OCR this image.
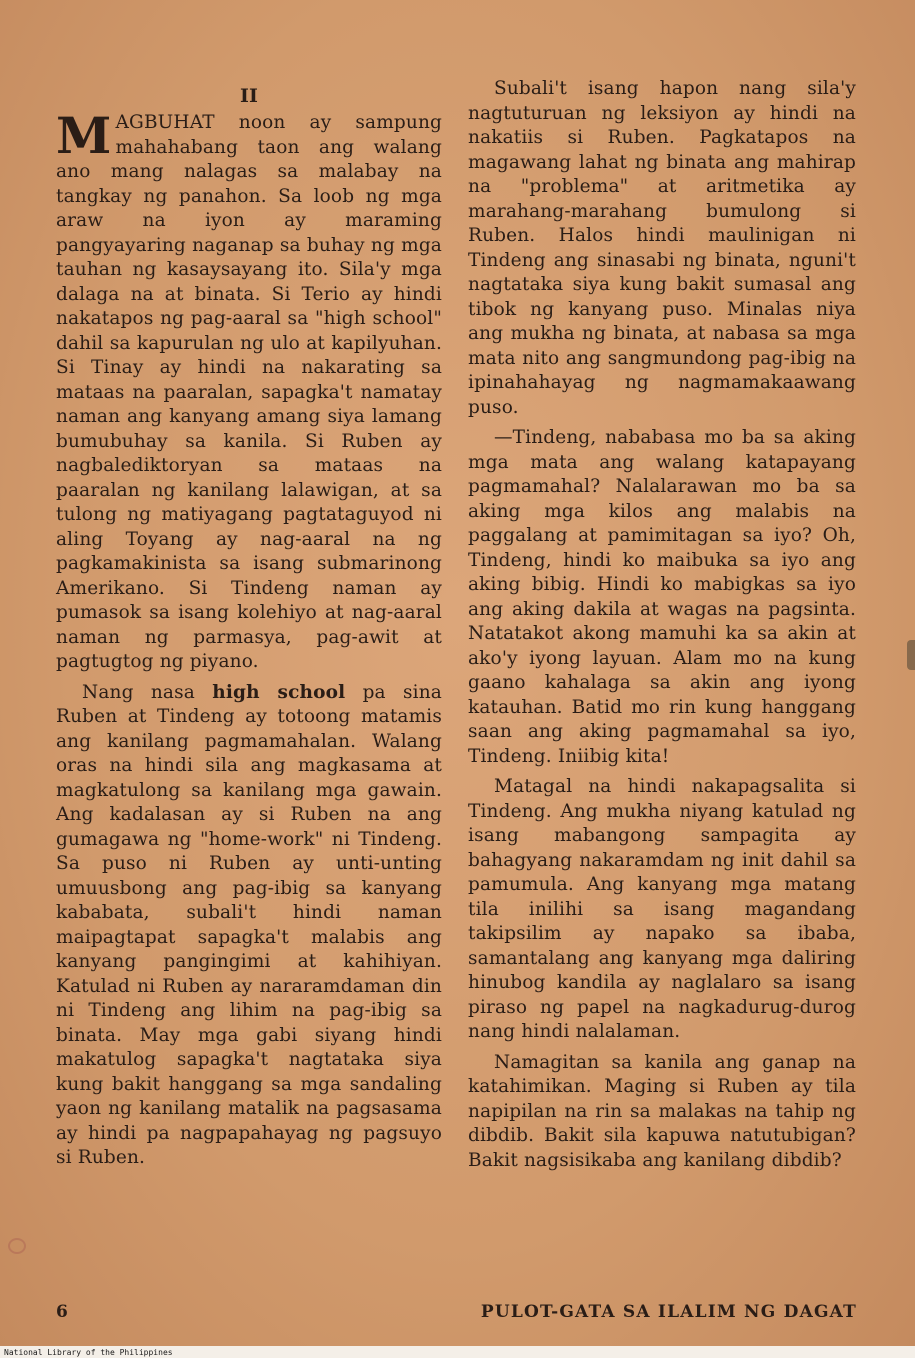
II

MAGBUHAT noon ay sampung mahahabang taon ang walang ano mang nalagas sa malabay na tangkay ng panahon. Sa loob ng mga araw na iyon ay maraming pangyayaring naganap sa buhay ng mga tauhan ng kasaysayang ito. Sila'y mga dalaga na at binata. Si Terio ay hindi nakatapos ng pag-aaral sa "high school" dahil sa kapurulan ng ulo at kapilyuhan. Si Tinay ay hindi na nakarating sa mataas na paaralan, sapagka't namatay naman ang kanyang amang siya lamang bumubuhay sa kanila. Si Ruben ay nagbalediktoryan sa mataas na paaralan ng kanilang lalawigan, at sa tulong ng matiyagang pagtataguyod ni aling Toyang ay nag-aaral na ng pagkamakinista sa isang submarinong Amerikano. Si Tindeng naman ay pumasok sa isang kolehiyo at nag-aaral naman ng parmasya, pag-awit at pagtugtog ng piyano.

Nang nasa high school pa sina Ruben at Tindeng ay totoong matamis ang kanilang pagmamahalan. Walang oras na hindi sila ang magkasama at magkatulong sa kanilang mga gawain. Ang kadalasan ay si Ruben na ang gumagawa ng "home-work" ni Tindeng. Sa puso ni Ruben ay unti-unting umuusbong ang pag-ibig sa kanyang kababata, subali't hindi naman maipagtapat sapagka't malabis ang kanyang pangingimi at kahihiyan. Katulad ni Ruben ay nararamdaman din ni Tindeng ang lihim na pag-ibig sa binata. May mga gabi siyang hindi makatulog sapagka't nagtataka siya kung bakit hanggang sa mga sandaling yaon ng kanilang matalik na pagsasama ay hindi pa nagpapahayag ng pagsuyo si Ruben.

Subali't isang hapon nang sila'y nagtuturuan ng leksiyon ay hindi na nakatiis si Ruben. Pagkatapos na magawang lahat ng binata ang mahirap na "problema" at aritmetika ay marahang-marahang bumulong si Ruben. Halos hindi maulinigan ni Tindeng ang sinasabi ng binata, nguni't nagtataka siya kung bakit sumasal ang tibok ng kanyang puso. Minalas niya ang mukha ng binata, at nabasa sa mga mata nito ang sangmundong pag-ibig na ipinahahayag ng nagmamakaawang puso.

—Tindeng, nababasa mo ba sa aking mga mata ang walang katapayang pagmamahal? Nalalarawan mo ba sa aking mga kilos ang malabis na paggalang at pamimitagan sa iyo? Oh, Tindeng, hindi ko maibuka sa iyo ang aking bibig. Hindi ko mabigkas sa iyo ang aking dakila at wagas na pagsinta. Natatakot akong mamuhi ka sa akin at ako'y iyong layuan. Alam mo na kung gaano kahalaga sa akin ang iyong katauhan. Batid mo rin kung hanggang saan ang aking pagmamahal sa iyo, Tindeng. Iniibig kita!

Matagal na hindi nakapagsalita si Tindeng. Ang mukha niyang katulad ng isang mabangong sampagita ay bahagyang nakaramdam ng init dahil sa pamumula. Ang kanyang mga matang tila inilihi sa isang magandang takipsilim ay napako sa ibaba, samantalang ang kanyang mga daliring hinubog kandila ay naglalaro sa isang piraso ng papel na nagkadurug-durog nang hindi nalalaman.

Namagitan sa kanila ang ganap na katahimikan. Maging si Ruben ay tila napipilan na rin sa malakas na tahip ng dibdib. Bakit sila kapuwa natutubigan? Bakit nagsisikaba ang kanilang dibdib?

6	PULOT-GATA SA ILALIM NG DAGAT
National Library of the Philippines
